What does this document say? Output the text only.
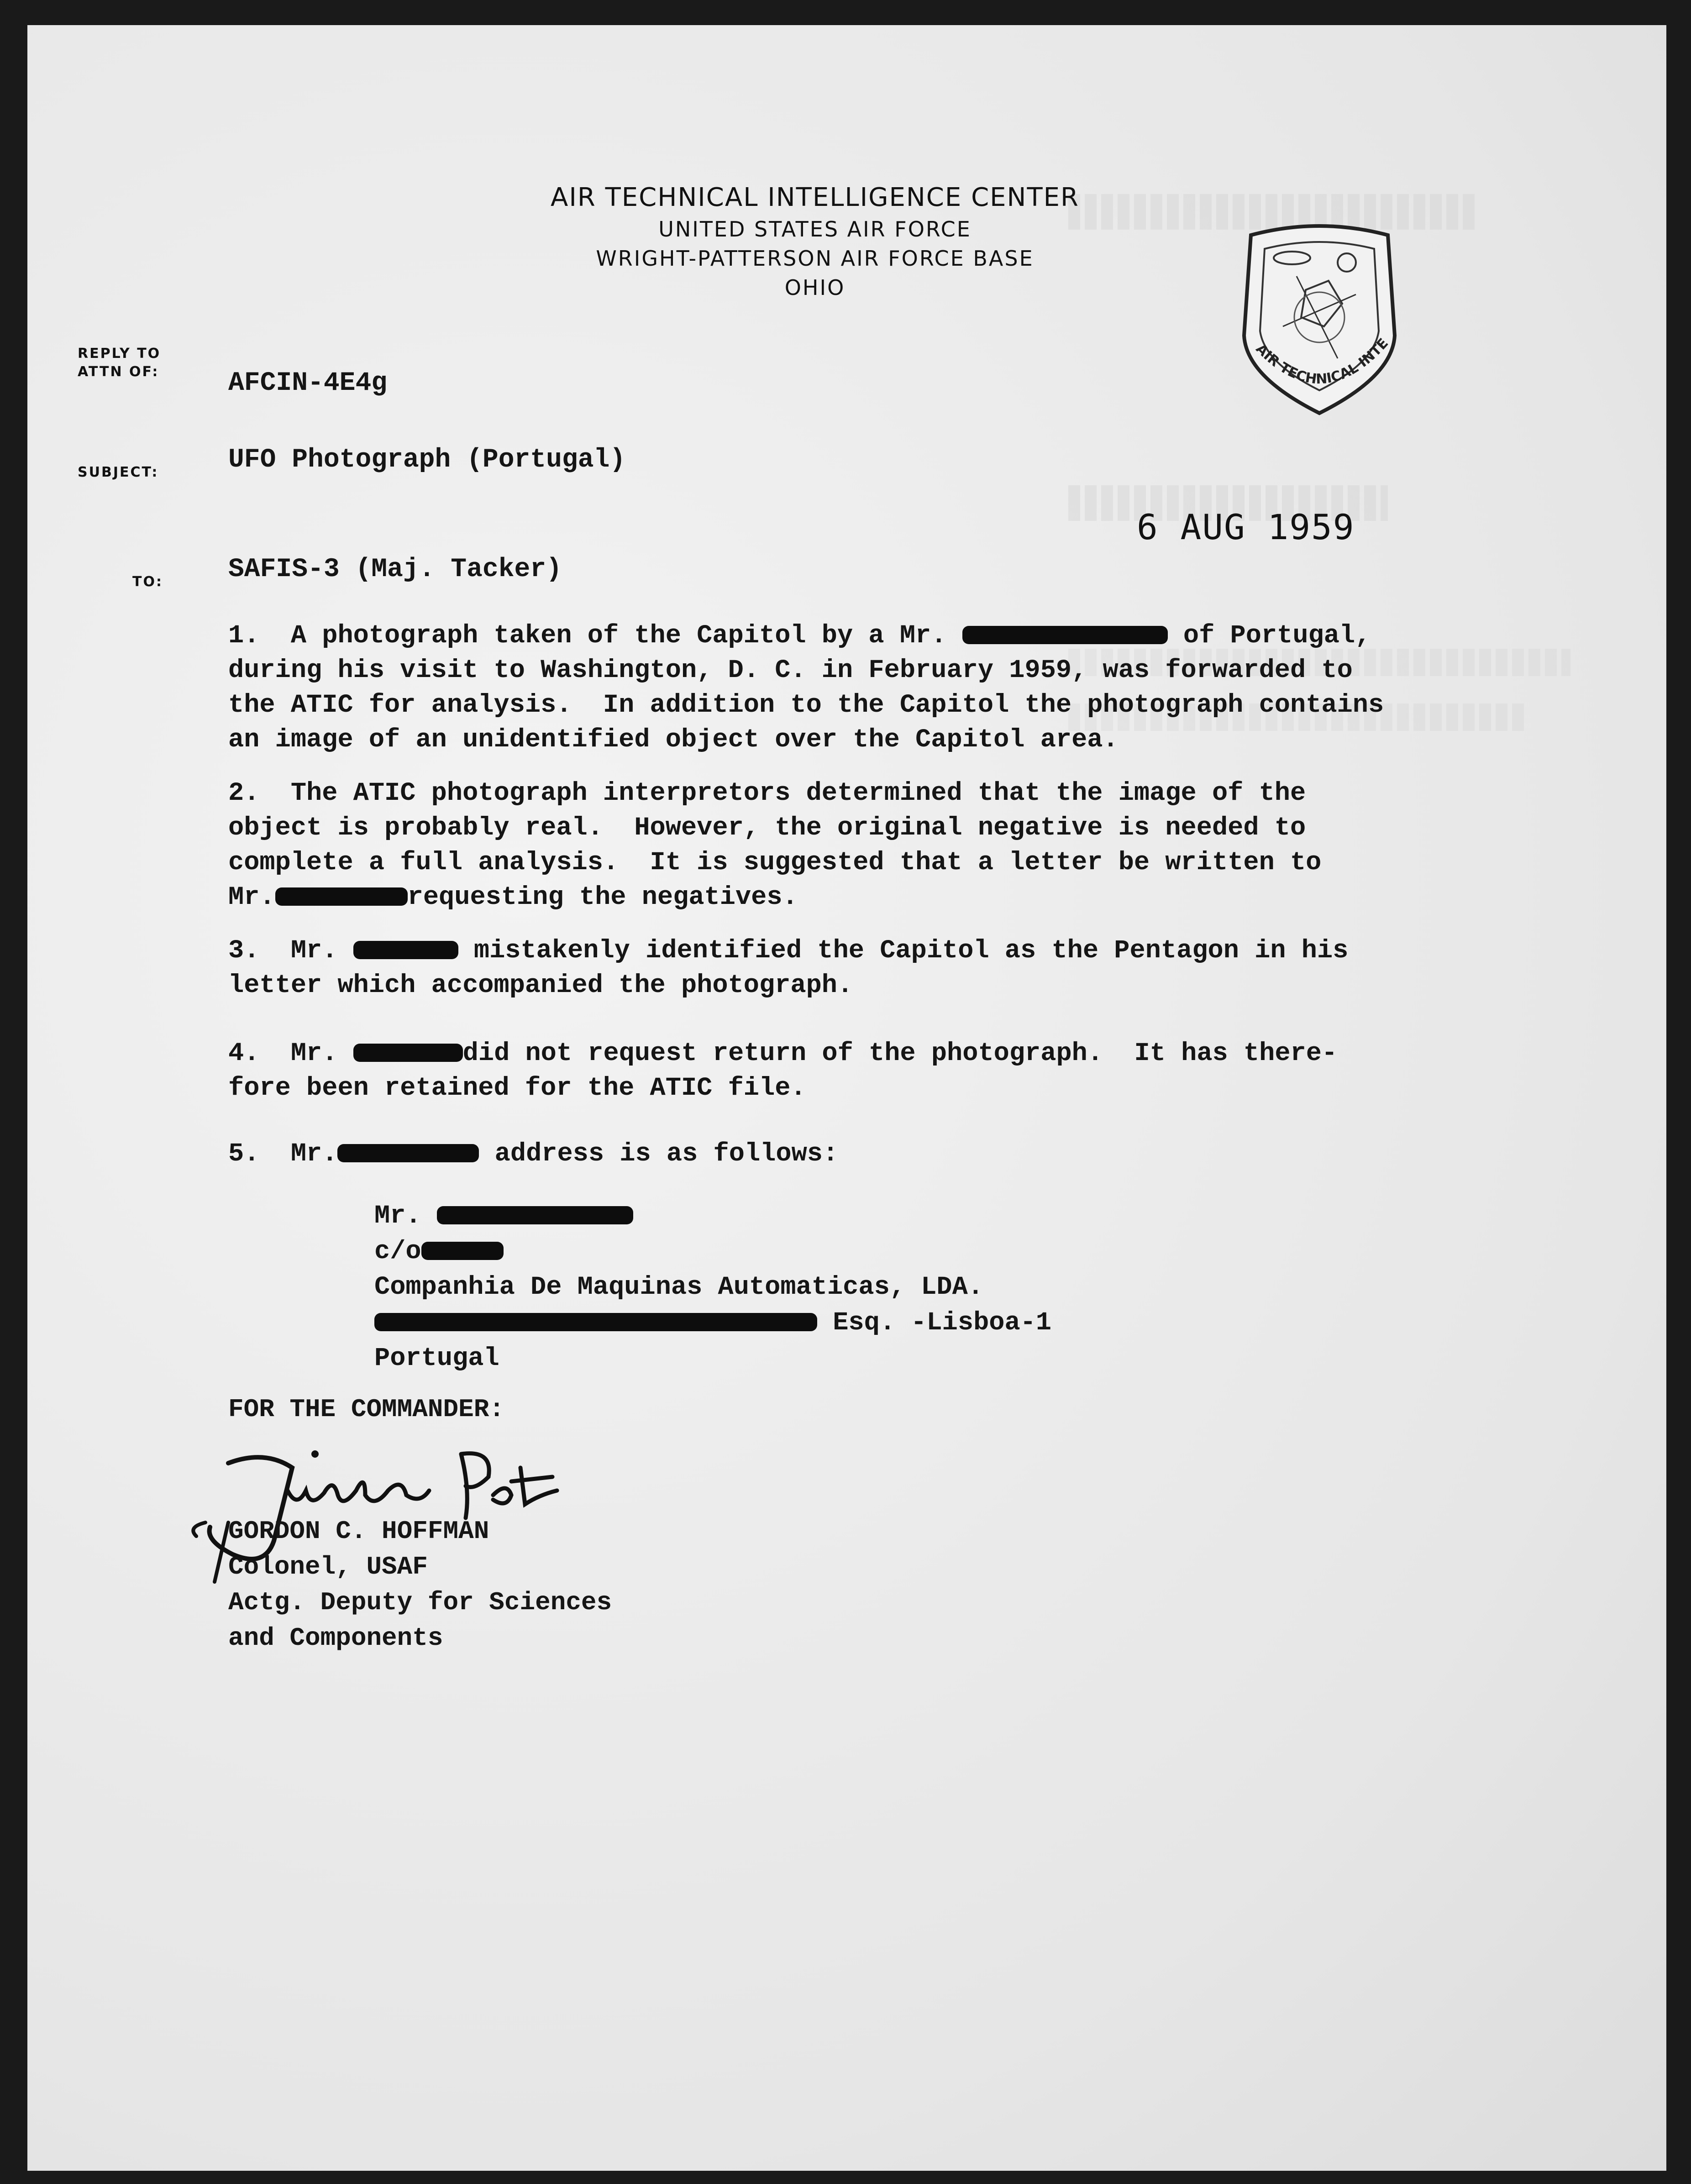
AIR TECHNICAL INTELLIGENCE CENTER
UNITED STATES AIR FORCE
WRIGHT-PATTERSON AIR FORCE BASE
OHIO
AIR TECHNICAL INTE
REPLY TO
ATTN OF:	AFCIN-4E4g
SUBJECT:	UFO Photograph (Portugal)
6 AUG 1959
TO: SAFIS-3 (Maj. Tacker)
1.  A photograph taken of the Capitol by a Mr.	of Portugal,
during his visit to Washington, D. C. in February 1959, was forwarded to
the ATIC for analysis.  In addition to the Capitol the photograph contains
an image of an unidentified object over the Capitol area.
2.  The ATIC photograph interpretors determined that the image of the
object is probably real.  However, the original negative is needed to
complete a full analysis.  It is suggested that a letter be written to
Mr.	requesting the negatives.
3.  Mr.	mistakenly identified the Capitol as the Pentagon in his
letter which accompanied the photograph.
4.  Mr.	did not request return of the photograph.  It has there-
fore been retained for the ATIC file.
5.  Mr.	address is as follows:
Mr.
c/o
Companhia De Maquinas Automaticas, LDA.
Esq. -Lisboa-1
Portugal
FOR THE COMMANDER:
GORDON C. HOFFMAN
Colonel, USAF
Actg. Deputy for Sciences
and Components
